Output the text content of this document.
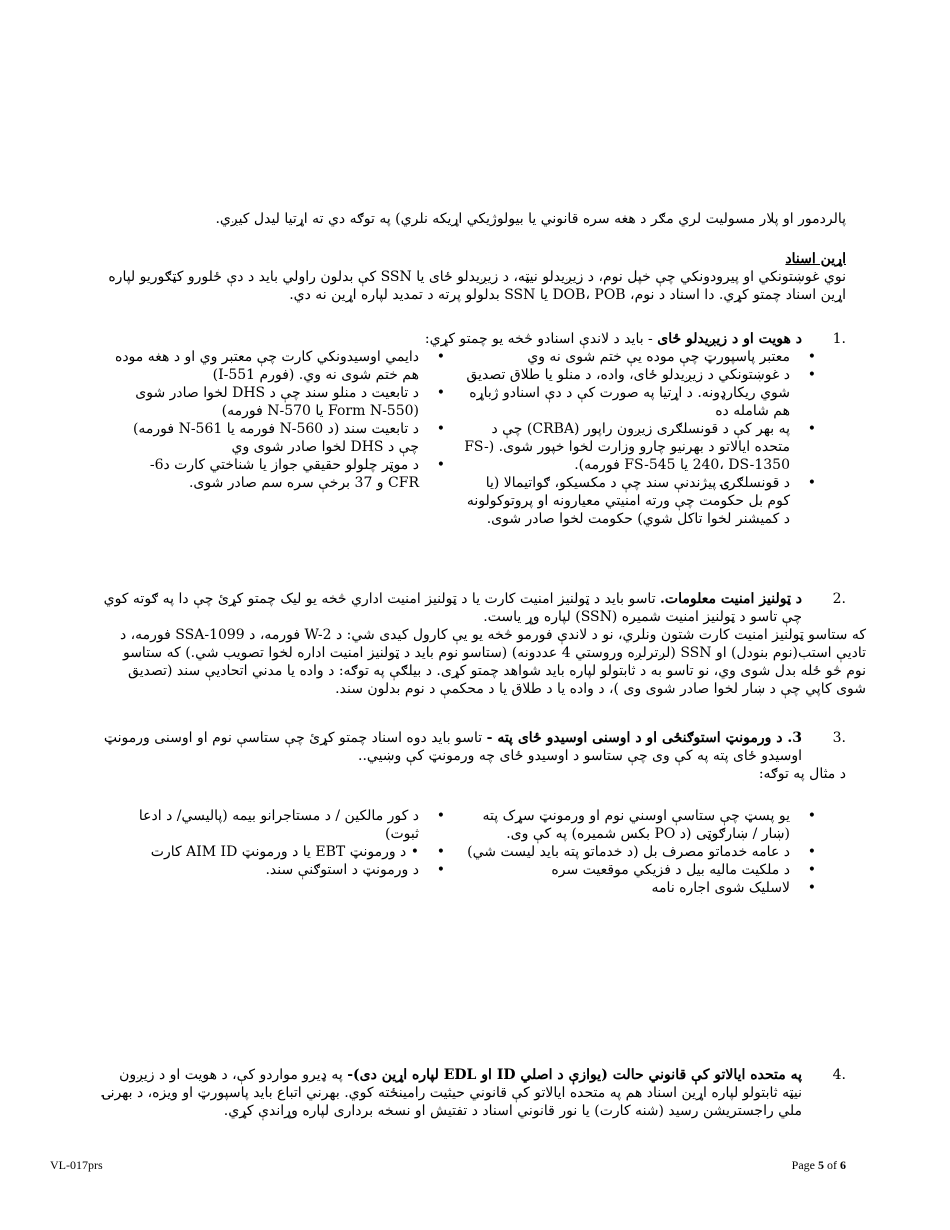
پالردمور او پلار مسولیت لري مګر د هغه سره قانوني یا بیولوژیکي اړیکه نلري) په توګه دي ته اړتیا لیدل کیږي.

اړین اسناد

نوي غوښتونکي او پیرودونکي چې خپل نوم، د زیږیدلو نیټه، د زیږیدلو ځای یا SSN کې بدلون راولي باید د دې ځلورو کټګوریو لپاره اړین اسناد چمتو کړي. دا اسناد د نوم، DOB، POB یا SSN بدلولو پرته د تمدید لپاره اړین نه دي.

1.
د هویت او د زیږیدلو ځای - باید د لاندې اسنادو څخه یو چمتو کړي:
• معتبر پاسپورټ چې موده یې ختم شوی نه وي
• د غوښتونکي د زیږیدلو ځای، واده، د منلو یا طلاق تصدیق شوي ریکارډونه. د اړتیا په صورت کې د دې اسنادو ژباړه هم شامله ده
• په بهر کې د قونسلګری زیږون راپور (CRBA) چې د متحده ایالاتو د بهرنیو چارو وزارت لخوا خپور شوی. (FS-240، DS-1350 یا FS-545 فورمه).
• د قونسلګرۍ پیژندنې سند چې د مکسیکو، ګواتیمالا (یا کوم بل حکومت چې ورته امنیتي معیارونه او پروتوکولونه د کمیشنر لخوا تاکل شوي) حکومت لخوا صادر شوی.
• دایمي اوسیدونکي کارت چې معتبر وي او د هغه موده هم ختم شوی نه وي. (فورم I-551)
• د تابعیت د منلو سند چې د DHS لخوا صادر شوی (Form N-550 یا N-570 فورمه)
• د تابعیت سند (د N-560 فورمه یا N-561 فورمه) چې د DHS لخوا صادر شوی وي
• د موټر چلولو حقیقي جواز یا شناختي کارت د6- CFR و 37 برخې سره سم صادر شوی.
2.
د ټولنیز امنیت معلومات. تاسو باید د ټولنیز امنیت کارت یا د ټولنیز امنیت اداري څخه یو لیک چمتو کړئ چې دا په ګوته کوي چې تاسو د ټولنیز امنیت شمیره (SSN) لپاره وړ یاست.
که ستاسو ټولنیز امنیت کارت شتون ونلري، نو د لاندې فورمو څخه یو یې کارول کیدی شي: د W-2 فورمه، د SSA-1099 فورمه، د تادیې استب(نوم بنودل) او SSN (لږترلږه وروستي 4 عددونه) (ستاسو نوم باید د ټولنیز امنیت اداره لخوا تصویب شي.) که ستاسو نوم څو ځله بدل شوی وي، نو تاسو به د ثابتولو لپاره باید شواهد چمتو کړی. د بیلګې په توګه: د واده یا مدني اتحادیې سند (تصدیق شوی کاپي چې د ښار لخوا صادر شوی وی )، د واده یا د طلاق یا د محکمې د نوم بدلون سند.
3.
3. د ورمونټ استوګنځی او د اوسنی اوسیدو ځای پته - تاسو باید دوه اسناد چمتو کړئ چې ستاسې نوم او اوسنی ورمونټ اوسیدو ځای پته په کې وی چې ستاسو د اوسیدو ځای چه ورمونټ کې وښيي..
د مثال په توګه:
• یو پسټ چې ستاسې اوسني نوم او ورمونټ سړک پته (ښار / ښارګوټی (د PO بکس شمیره) په کې وی.
• د عامه خدماتو مصرف بل (د خدماتو پته باید لیست شي)
• د ملکیت مالیه بیل د فزیکي موقعیت سره
• لاسلیک شوی اجاره نامه
• د کور مالکین / د مستاجرانو بیمه (پالیسي/ د ادعا ثبوت)
• • د ورمونټ EBT یا د ورمونټ AIM ID کارت
• د ورمونټ د استوګنې سند.
4.
په متحده ایالاتو کې قانوني حالت (یوازې د اصلي ID او EDL لپاره اړین دی)- په ډیرو مواردو کې، د هویت او د زیږون نیټه ثابتولو لپاره اړین اسناد هم په متحده ایالاتو کې قانوني حیثیت رامینځته کوي. بهرني اتباع باید پاسپورټ او ویزه، د بهرنۍ ملي راجستریشن رسید (شنه کارت) یا نور قانوني اسناد د تفتیش او نسخه برداری لپاره وړاندې کړي.
VL-017prs	Page 5 of 6
